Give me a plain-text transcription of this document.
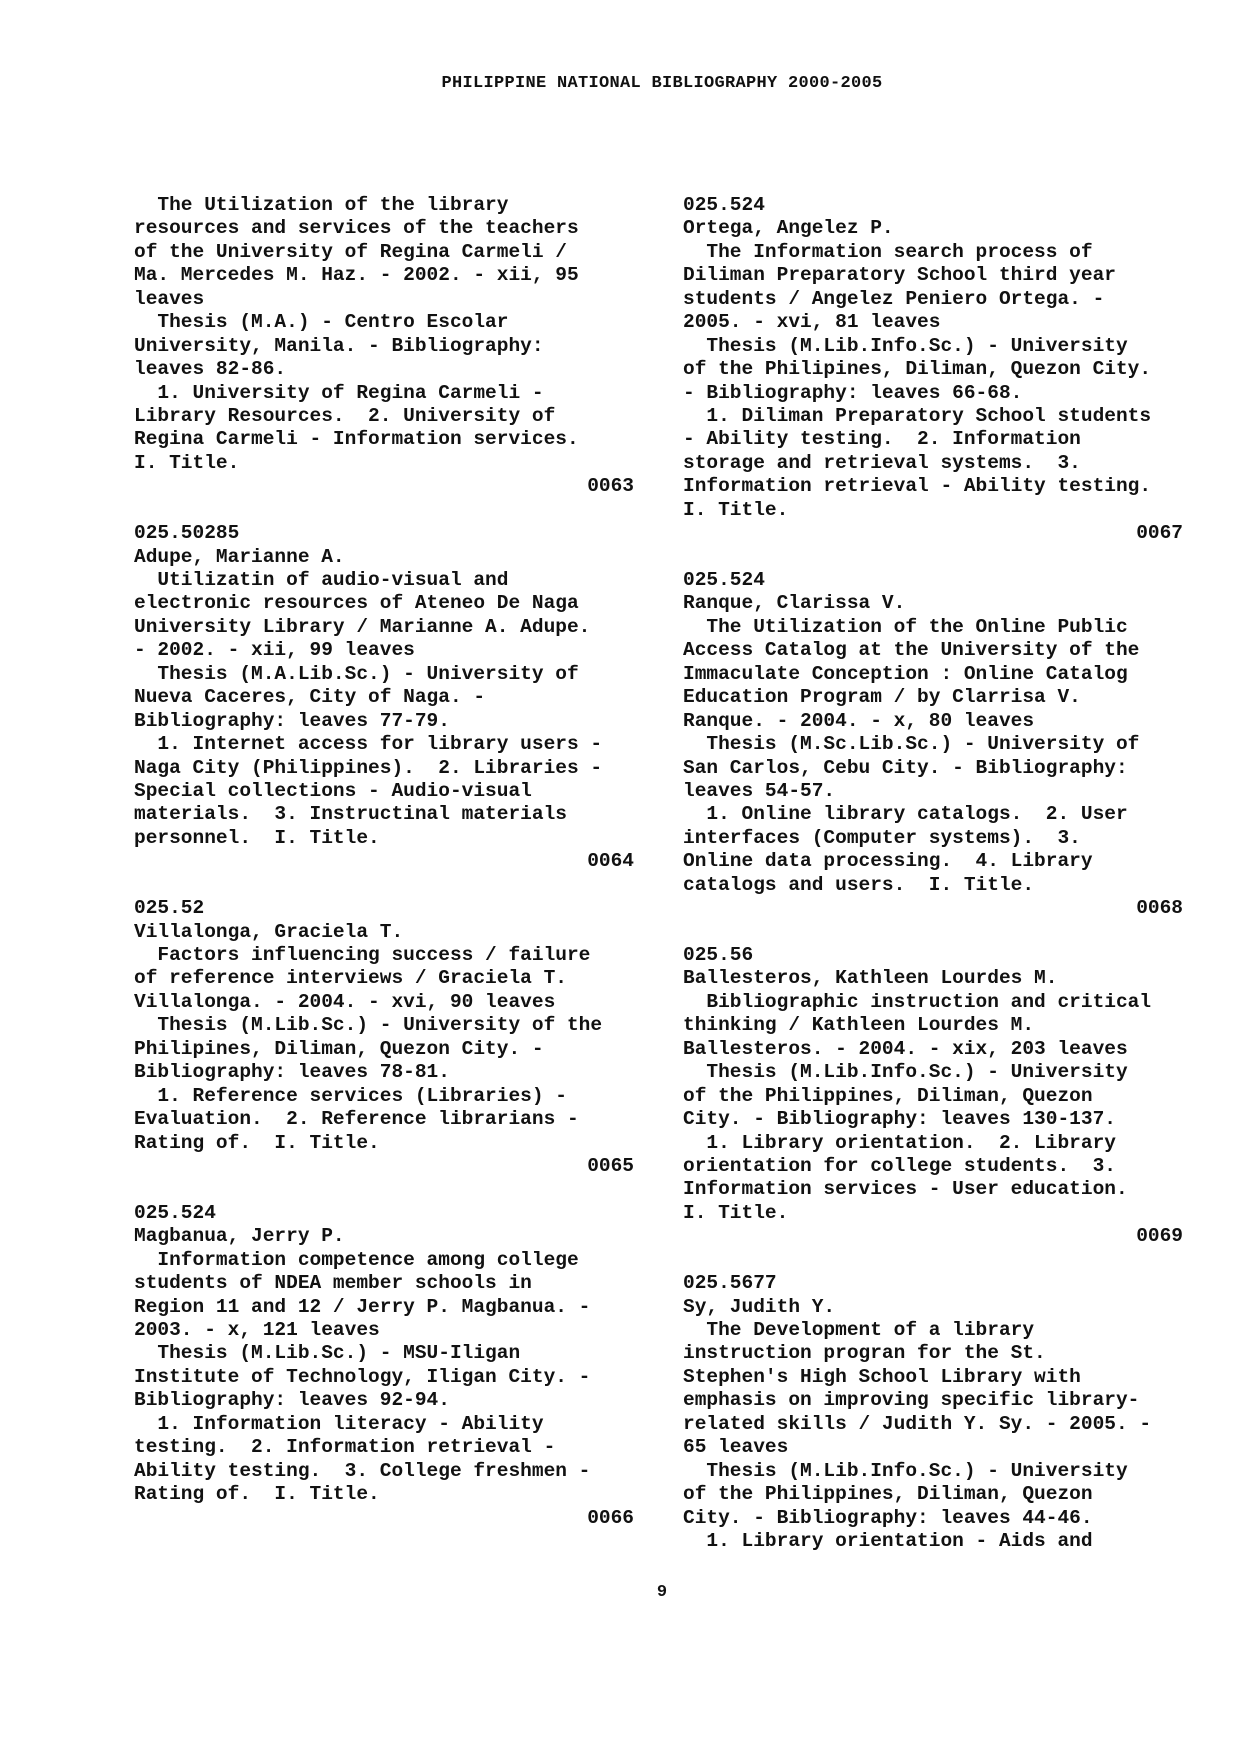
PHILIPPINE NATIONAL BIBLIOGRAPHY 2000-2005
The Utilization of the library
resources and services of the teachers
of the University of Regina Carmeli /
Ma. Mercedes M. Haz. - 2002. - xii, 95
leaves
Thesis (M.A.) - Centro Escolar
University, Manila. - Bibliography:
leaves 82-86.
1. University of Regina Carmeli -
Library Resources.  2. University of
Regina Carmeli - Information services.
I. Title.
0063
025.50285
Adupe, Marianne A.
Utilizatin of audio-visual and
electronic resources of Ateneo De Naga
University Library / Marianne A. Adupe.
- 2002. - xii, 99 leaves
Thesis (M.A.Lib.Sc.) - University of
Nueva Caceres, City of Naga. -
Bibliography: leaves 77-79.
1. Internet access for library users -
Naga City (Philippines).  2. Libraries -
Special collections - Audio-visual
materials.  3. Instructinal materials
personnel.  I. Title.
0064
025.52
Villalonga, Graciela T.
Factors influencing success / failure
of reference interviews / Graciela T.
Villalonga. - 2004. - xvi, 90 leaves
Thesis (M.Lib.Sc.) - University of the
Philipines, Diliman, Quezon City. -
Bibliography: leaves 78-81.
1. Reference services (Libraries) -
Evaluation.  2. Reference librarians -
Rating of.  I. Title.
0065
025.524
Magbanua, Jerry P.
Information competence among college
students of NDEA member schools in
Region 11 and 12 / Jerry P. Magbanua. -
2003. - x, 121 leaves
Thesis (M.Lib.Sc.) - MSU-Iligan
Institute of Technology, Iligan City. -
Bibliography: leaves 92-94.
1. Information literacy - Ability
testing.  2. Information retrieval -
Ability testing.  3. College freshmen -
Rating of.  I. Title.
0066
025.524
Ortega, Angelez P.
The Information search process of
Diliman Preparatory School third year
students / Angelez Peniero Ortega. -
2005. - xvi, 81 leaves
Thesis (M.Lib.Info.Sc.) - University
of the Philipines, Diliman, Quezon City.
- Bibliography: leaves 66-68.
1. Diliman Preparatory School students
- Ability testing.  2. Information
storage and retrieval systems.  3.
Information retrieval - Ability testing.
I. Title.
0067
025.524
Ranque, Clarissa V.
The Utilization of the Online Public
Access Catalog at the University of the
Immaculate Conception : Online Catalog
Education Program / by Clarrisa V.
Ranque. - 2004. - x, 80 leaves
Thesis (M.Sc.Lib.Sc.) - University of
San Carlos, Cebu City. - Bibliography:
leaves 54-57.
1. Online library catalogs.  2. User
interfaces (Computer systems).  3.
Online data processing.  4. Library
catalogs and users.  I. Title.
0068
025.56
Ballesteros, Kathleen Lourdes M.
Bibliographic instruction and critical
thinking / Kathleen Lourdes M.
Ballesteros. - 2004. - xix, 203 leaves
Thesis (M.Lib.Info.Sc.) - University
of the Philippines, Diliman, Quezon
City. - Bibliography: leaves 130-137.
1. Library orientation.  2. Library
orientation for college students.  3.
Information services - User education.
I. Title.
0069
025.5677
Sy, Judith Y.
The Development of a library
instruction progran for the St.
Stephen's High School Library with
emphasis on improving specific library-
related skills / Judith Y. Sy. - 2005. -
65 leaves
Thesis (M.Lib.Info.Sc.) - University
of the Philippines, Diliman, Quezon
City. - Bibliography: leaves 44-46.
1. Library orientation - Aids and
9
